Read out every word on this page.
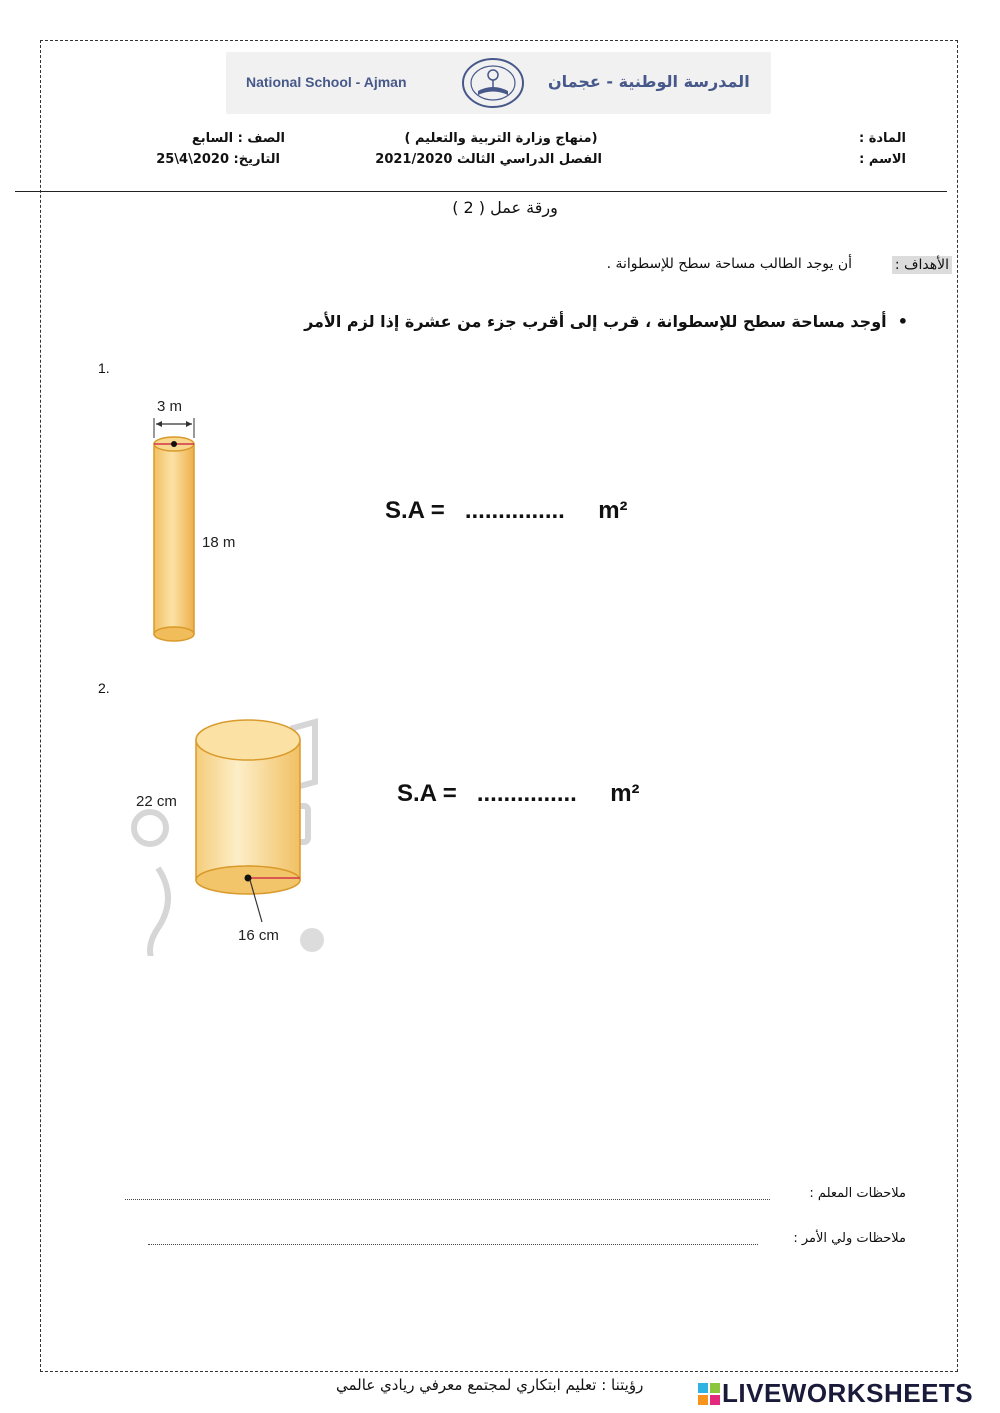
National School - Ajman	المدرسة الوطنية - عجمان
المادة :
الاسم :
(منهاج وزارة التربية والتعليم )
الفصل الدراسي الثالث 2021/2020
الصف : السابع
التاريخ: 2020\4\25
ورقة عمل ( 2 )
الأهداف :
أن يوجد الطالب مساحة سطح للإسطوانة .
•  أوجد مساحة سطح للإسطوانة ، قرب إلى أقرب جزء من عشرة إذا لزم الأمر
1.
3 m
18 m
S.A = ............... m²
2.
22 cm
16 cm
S.A = ............... m²
ملاحظات المعلم :
ملاحظات ولي الأمر :
رؤيتنا : تعليم ابتكاري لمجتمع معرفي ريادي عالمي	LIVEWORKSHEETS
